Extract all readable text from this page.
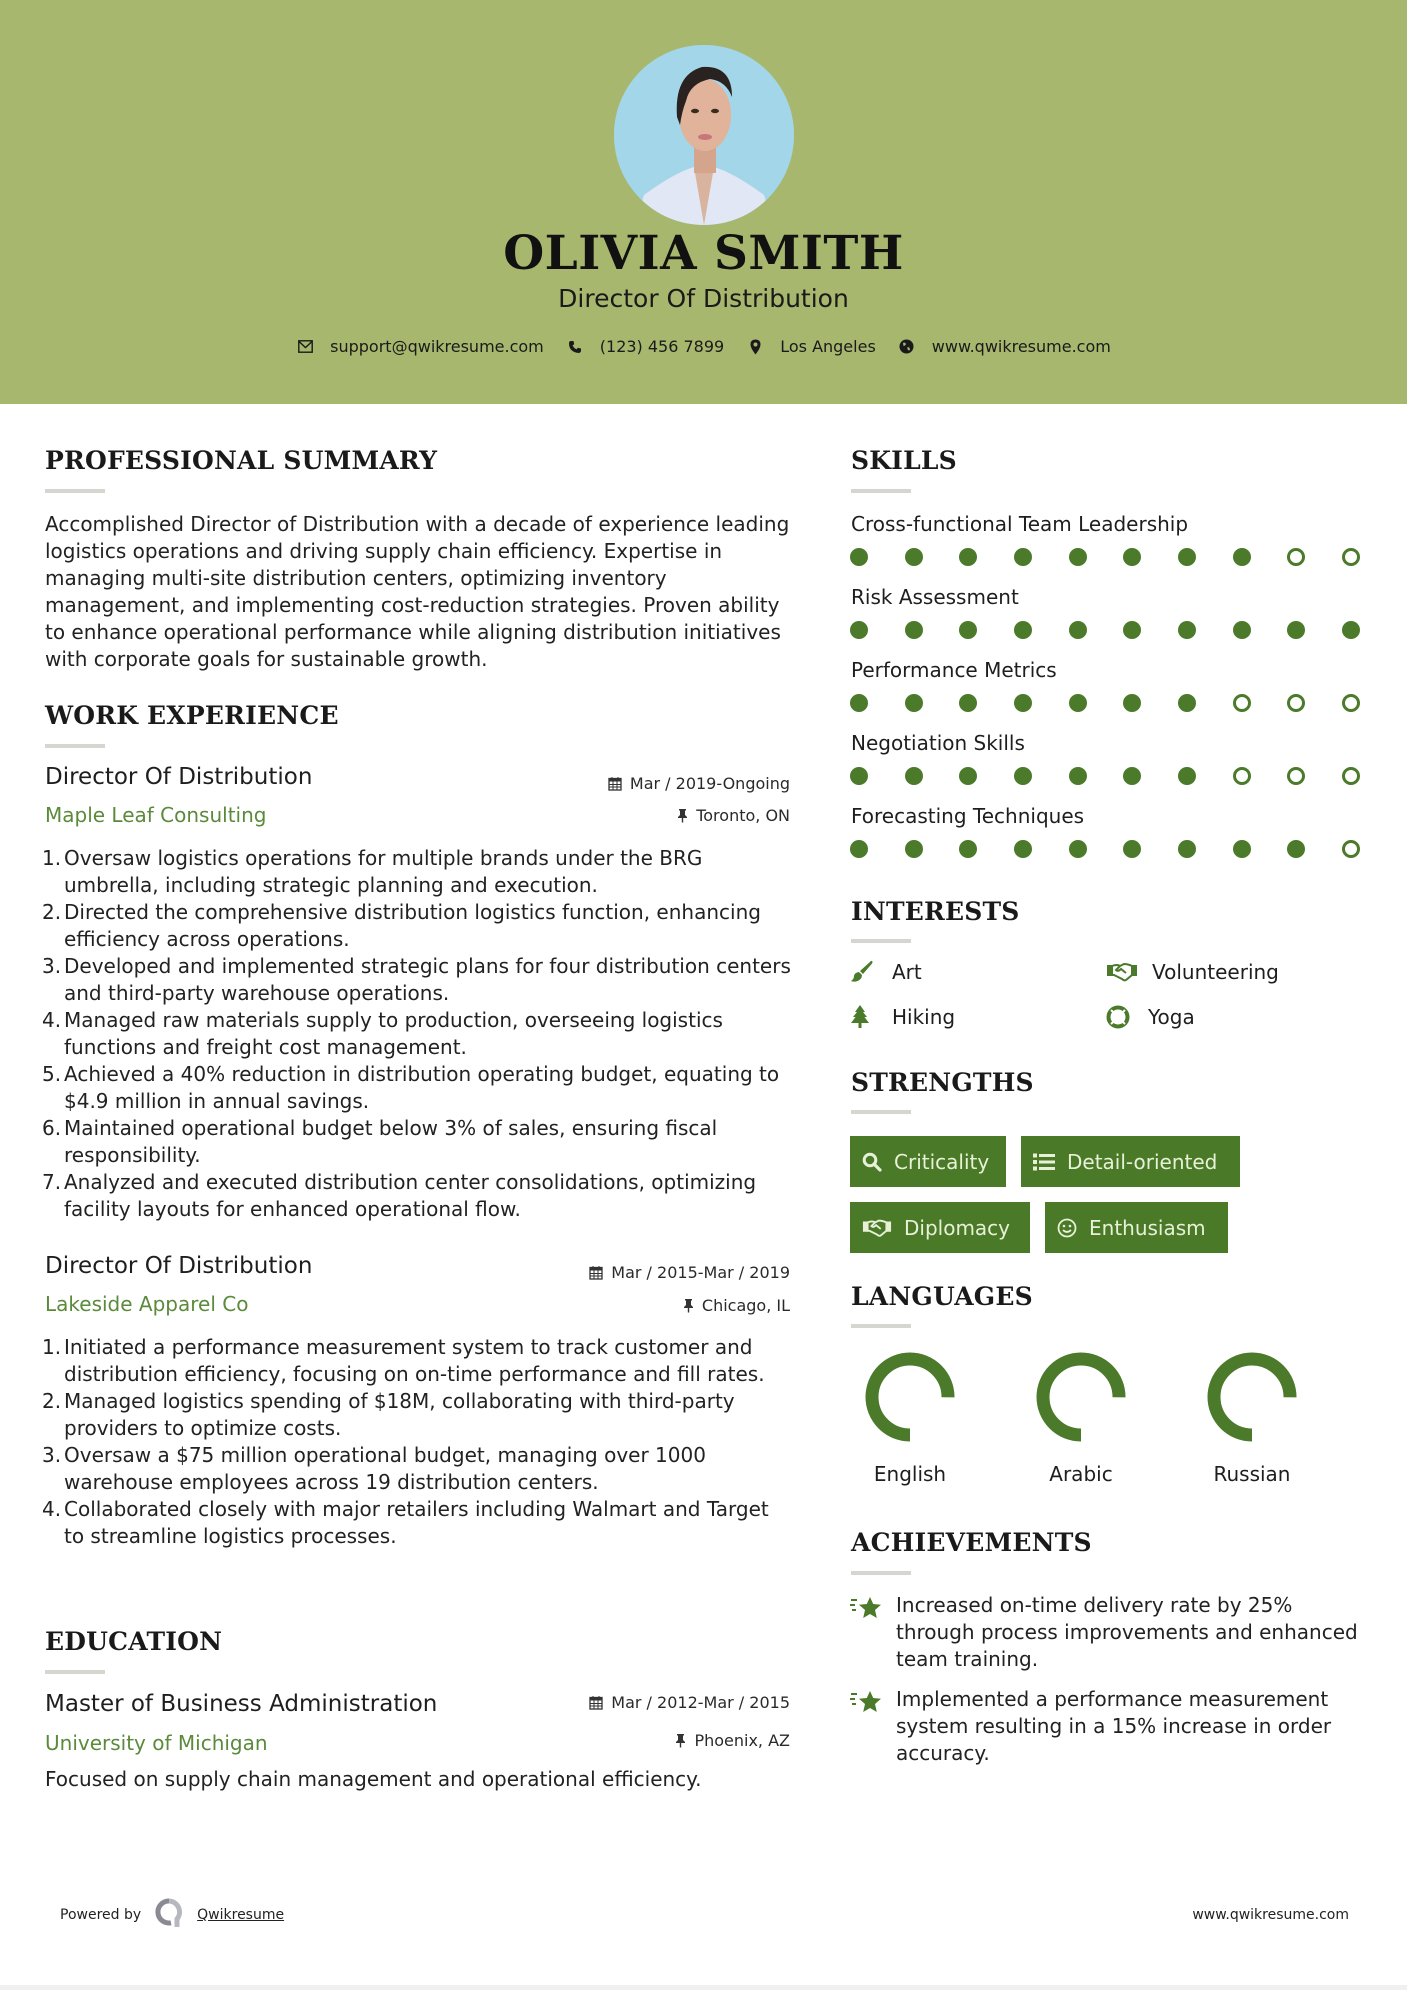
OLIVIA SMITH
Director Of Distribution
support@qwikresume.com	(123) 456 7899	Los Angeles	www.qwikresume.com
PROFESSIONAL SUMMARY
Accomplished Director of Distribution with a decade of experience leading logistics operations and driving supply chain efficiency. Expertise in managing multi-site distribution centers, optimizing inventory management, and implementing cost-reduction strategies. Proven ability to enhance operational performance while aligning distribution initiatives with corporate goals for sustainable growth.
WORK EXPERIENCE
Director Of Distribution	Mar / 2019-Ongoing
Maple Leaf Consulting	Toronto, ON
1. Oversaw logistics operations for multiple brands under the BRG umbrella, including strategic planning and execution.
2. Directed the comprehensive distribution logistics function, enhancing efficiency across operations.
3. Developed and implemented strategic plans for four distribution centers and third-party warehouse operations.
4. Managed raw materials supply to production, overseeing logistics functions and freight cost management.
5. Achieved a 40% reduction in distribution operating budget, equating to $4.9 million in annual savings.
6. Maintained operational budget below 3% of sales, ensuring fiscal responsibility.
7. Analyzed and executed distribution center consolidations, optimizing facility layouts for enhanced operational flow.
Director Of Distribution	Mar / 2015-Mar / 2019
Lakeside Apparel Co	Chicago, IL
1. Initiated a performance measurement system to track customer and distribution efficiency, focusing on on-time performance and fill rates.
2. Managed logistics spending of $18M, collaborating with third-party providers to optimize costs.
3. Oversaw a $75 million operational budget, managing over 1000 warehouse employees across 19 distribution centers.
4. Collaborated closely with major retailers including Walmart and Target to streamline logistics processes.
EDUCATION
Master of Business Administration	Mar / 2012-Mar / 2015
University of Michigan	Phoenix, AZ
Focused on supply chain management and operational efficiency.
SKILLS
Cross-functional Team Leadership
Risk Assessment
Performance Metrics
Negotiation Skills
Forecasting Techniques
INTERESTS
Art	Volunteering
Hiking	Yoga
STRENGTHS
Criticality	Detail-oriented
Diplomacy	Enthusiasm
LANGUAGES
English	Arabic	Russian
ACHIEVEMENTS
Increased on-time delivery rate by 25% through process improvements and enhanced team training.
Implemented a performance measurement system resulting in a 15% increase in order accuracy.
Powered by	Qwikresume	www.qwikresume.com
